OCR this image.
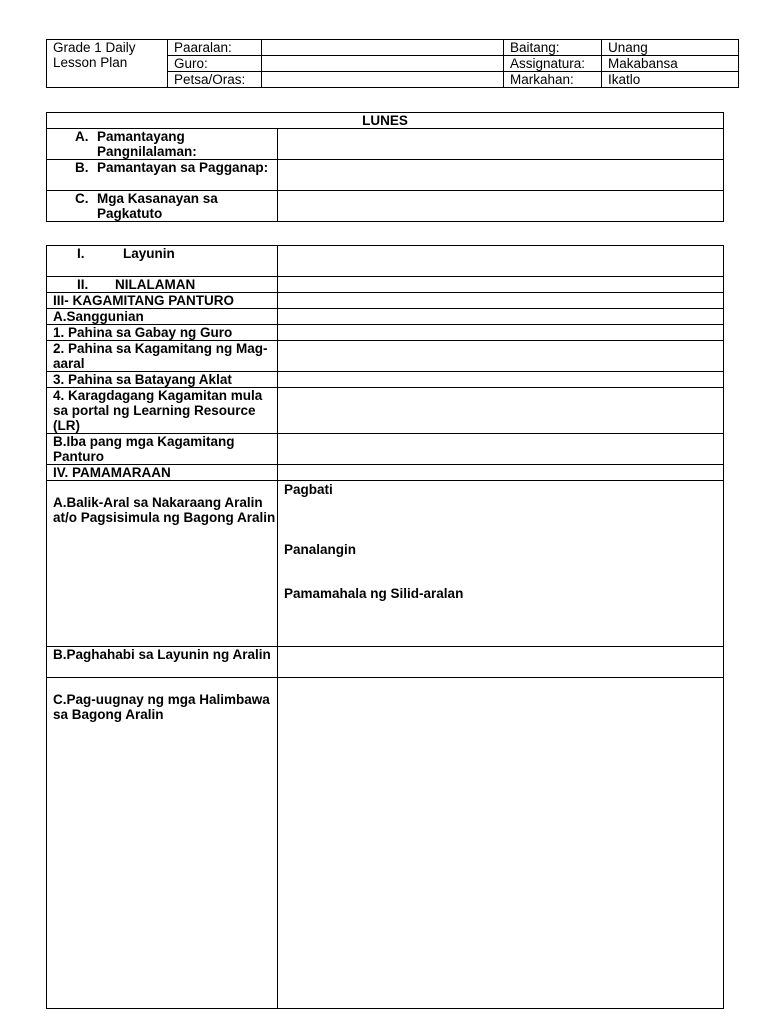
Grade 1 Daily Lesson Plan	Paaralan:		Baitang:	Unang
	Guro:		Assignatura:	Makabansa
	Petsa/Oras:		Markahan:	Ikatlo
LUNES	

A. Pamantayang Pangnilalaman:	

B. Pamantayan sa Pagganap:	

C. Mga Kasanayan sa Pagkatuto	

I. Layunin	
II. NILALAMAN	
III- KAGAMITANG PANTURO	
A.Sanggunian	
1. Pahina sa Gabay ng Guro	
2. Pahina sa Kagamitang ng Mag-aaral	
3. Pahina sa Batayang Aklat	
4. Karagdagang Kagamitan mula sa portal ng Learning Resource (LR)	
B.Iba pang mga Kagamitang Panturo	
IV. PAMAMARAAN	
A.Balik-Aral sa Nakaraang Aralin at/o Pagsisimula ng Bagong Aralin	Pagbati

Panalangin

Pamamahala ng Silid-aralan

B.Paghahabi sa Layunin ng Aralin	
C.Pag-uugnay ng mga Halimbawa sa Bagong Aralin	
